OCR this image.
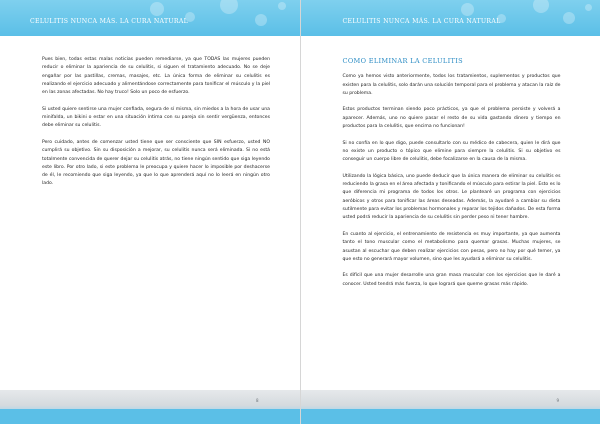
CELULITIS NUNCA MÁS. LA CURA NATURAL

Pues bien, todas estas malas noticias pueden remediarse, ya que TODAS las mujeres pueden reducir o eliminar la apariencia de su celulitis, si siguen el tratamiento adecuado. No se deje engañar por las pastillas, cremas, masajes, etc. La única forma de eliminar su celulitis es realizando el ejercicio adecuado y alimentándose correctamente para tonificar el músculo y la piel en las zonas afectadas. No hay truco! Solo un poco de esfuerzo.

Si usted quiere sentirse una mujer confiada, segura de sí misma, sin miedos a la hora de usar una minifalda, un bikini o estar en una situación íntima con su pareja sin sentir vergüenza, entonces debe eliminar su celulitis.

Pero cuidado, antes de comenzar usted tiene que ser consciente que SIN esfuerzo, usted NO cumplirá su objetivo. Sin su disposición a mejorar, su celulitis nunca será eliminada. Si no está totalmente convencida de querer dejar su celulitis atrás, no tiene ningún sentido que siga leyendo este libro. Por otro lado, si este problema le preocupa y quiere hacer lo imposible por deshacerse de él, le recomiendo que siga leyendo, ya que lo que aprenderá aquí no lo leerá en ningún otro lado.

8
CELULITIS NUNCA MÁS. LA CURA NATURAL
COMO ELIMINAR LA CELULITIS

Como ya hemos visto anteriormente, todos los tratamientos, suplementos y productos que existen para la celulitis, solo darán una solución temporal para el problema y atacan la raíz de su problema.

Estos productos terminan siendo poco prácticos, ya que el problema persiste y volverá a aparecer. Además, uno no quiere pasar el resto de su vida gastando dinero y tiempo en productos para la celulitis, que encima no funcionan!

Si no confía en lo que digo, puede consultarlo con su médico de cabecera, quien le dirá que no existe un producto o tópico que elimine para siempre la celulitis. Si su objetivo es conseguir un cuerpo libre de celulitis, debe focalizarse en la causa de la misma.

Utilizando la lógica básica, uno puede deducir que la única manera de eliminar su celulitis es reduciendo la grasa en el área afectada y tonificando el músculo para estirar la piel. Esto es lo que diferencia mi programa de todos los otros. Le plantearé un programa con ejercicios aeróbicos y otros para tonificar las áreas deseadas. Además, la ayudaré a cambiar su dieta sutilmente para evitar los problemas hormonales y reparar los tejidos dañados. De esta forma usted podrá reducir la apariencia de su celulitis sin perder peso ni tener hambre.

En cuanto al ejercicio, el entrenamiento de resistencia es muy importante, ya que aumenta tanto el tono muscular como el metabolismo para quemar grasas. Muchas mujeres, se asustan al escuchar que deben realizar ejercicios con pesas, pero no hay por qué temer, ya que esto no generará mayor volumen, sino que les ayudará a eliminar su celulitis.

Es difícil que una mujer desarrolle una gran masa muscular con los ejercicios que le daré a conocer. Usted tendrá más fuerza, lo que logrará que queme grasas más rápido.

9
